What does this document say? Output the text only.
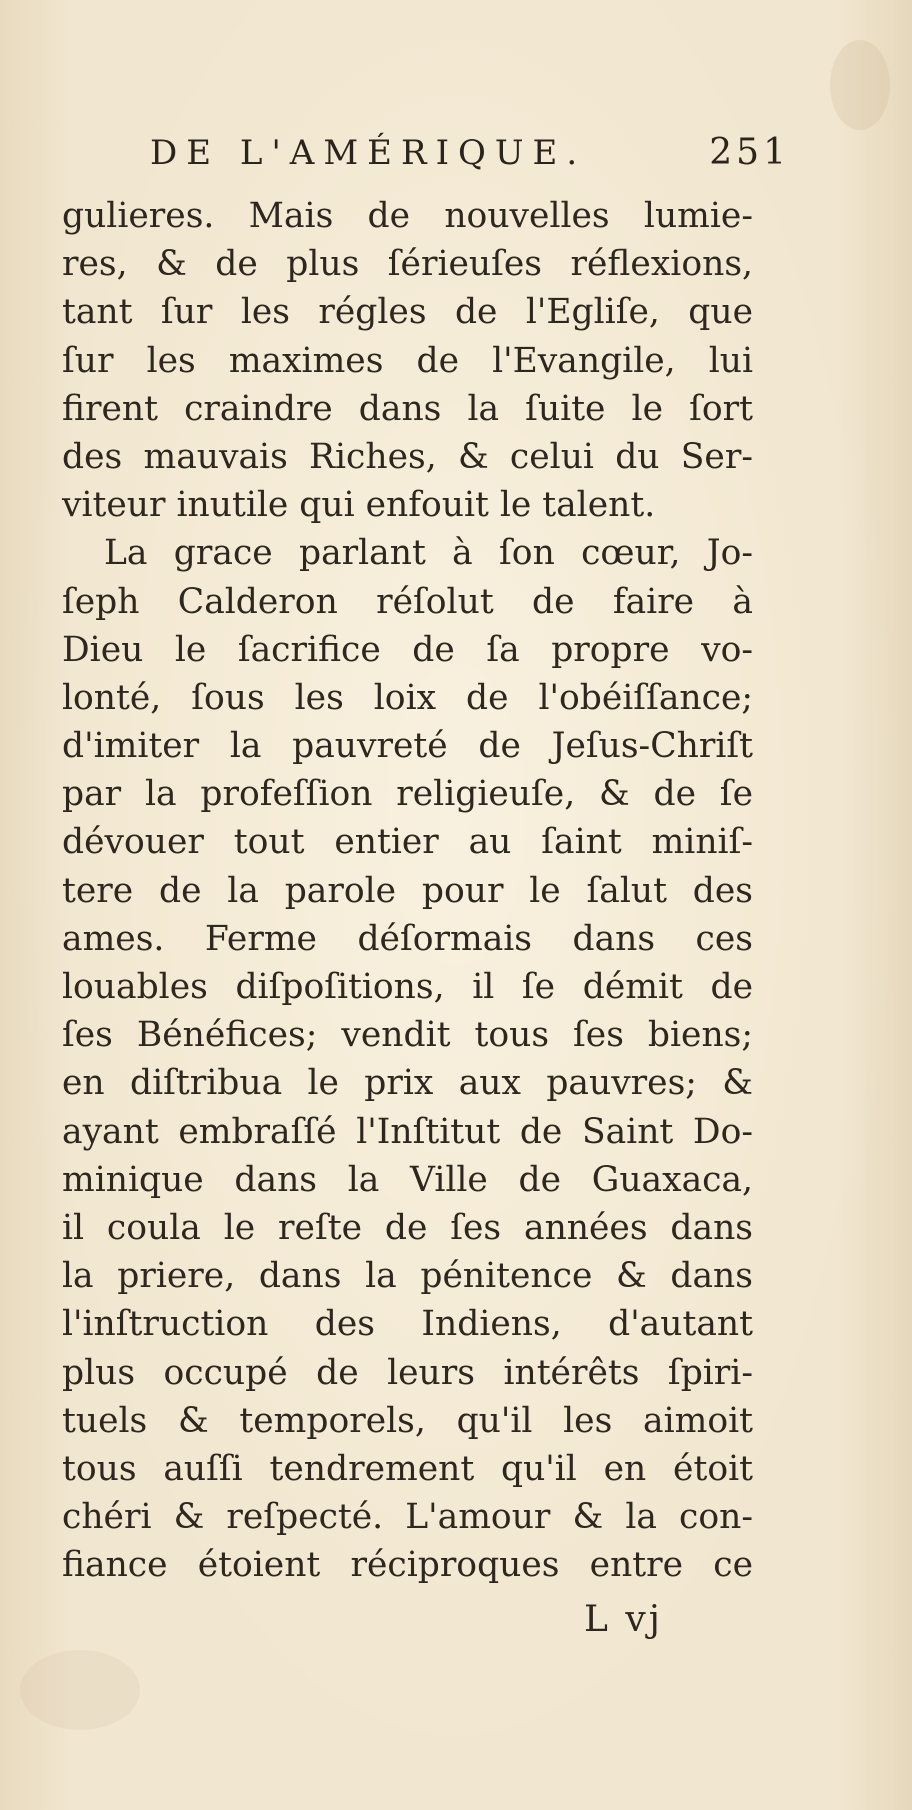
DE L'AMÉRIQUE.	251
gulieres. Mais de nouvelles lumie-
res, & de plus ſérieuſes réflexions,
tant ſur les régles de l'Egliſe, que
ſur les maximes de l'Evangile, lui
firent craindre dans la ſuite le ſort
des mauvais Riches, & celui du Ser-
viteur inutile qui enfouit le talent.
La grace parlant à ſon cœur, Jo-
ſeph Calderon réſolut de faire à
Dieu le ſacrifice de ſa propre vo-
lonté, ſous les loix de l'obéiſſance;
d'imiter la pauvreté de Jeſus-Chriſt
par la profeſſion religieuſe, & de ſe
dévouer tout entier au ſaint miniſ-
tere de la parole pour le ſalut des
ames. Ferme déſormais dans ces
louables diſpoſitions, il ſe démit de
ſes Bénéfices; vendit tous ſes biens;
en diſtribua le prix aux pauvres; &
ayant embraſſé l'Inſtitut de Saint Do-
minique dans la Ville de Guaxaca,
il coula le reſte de ſes années dans
la priere, dans la pénitence & dans
l'inſtruction des Indiens, d'autant
plus occupé de leurs intérêts ſpiri-
tuels & temporels, qu'il les aimoit
tous auſſi tendrement qu'il en étoit
chéri & reſpecté. L'amour & la con-
fiance étoient réciproques entre ce
L vj
